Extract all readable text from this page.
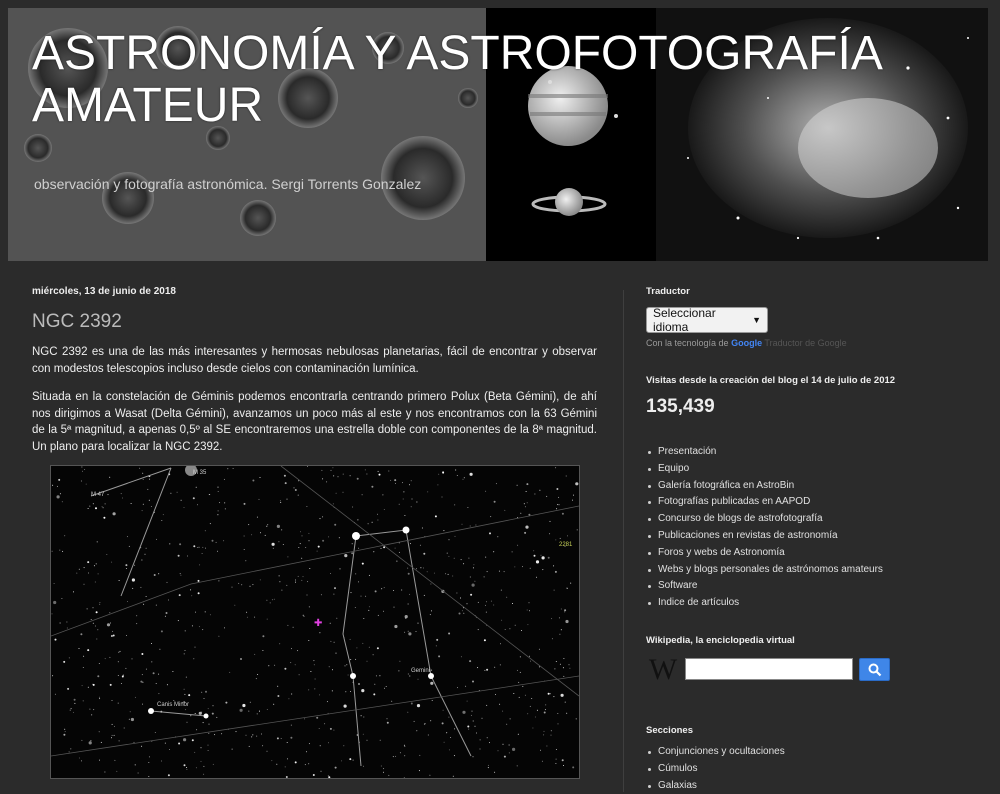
ASTRONOMÍA Y ASTROFOTOGRAFÍA AMATEUR
observación y fotografía astronómica. Sergi Torrents Gonzalez
miércoles, 13 de junio de 2018
NGC 2392

NGC 2392 es una de las más interesantes y hermosas nebulosas planetarias, fácil de encontrar y observar con modestos telescopios incluso desde cielos con contaminación lumínica.

Situada en la constelación de Géminis podemos encontrarla centrando primero Polux (Beta Gémini), de ahí nos dirigimos a Wasat (Delta Gémini), avanzamos un poco más al este y nos encontramos con la 63 Gémini de la 5ª magnitud, a apenas 0,5º al SE encontraremos una estrella doble con componentes de la 8ª magnitud. Un plano para localizar la NGC 2392.

✚
Gemini
Canis Minor
M 47
M 35
2281
Traductor
Seleccionar idioma	▼
Con la tecnología de Google Traductor de Google
Visitas desde la creación del blog el 14 de julio de 2012
135,439
Presentación
Equipo
Galería fotográfica en AstroBin
Fotografías publicadas en AAPOD
Concurso de blogs de astrofotografía
Publicaciones en revistas de astronomía
Foros y webs de Astronomía
Webs y blogs personales de astrónomos amateurs
Software
Indice de artículos
Wikipedia, la enciclopedia virtual
W
Secciones
Conjunciones y ocultaciones
Cúmulos
Galaxias
